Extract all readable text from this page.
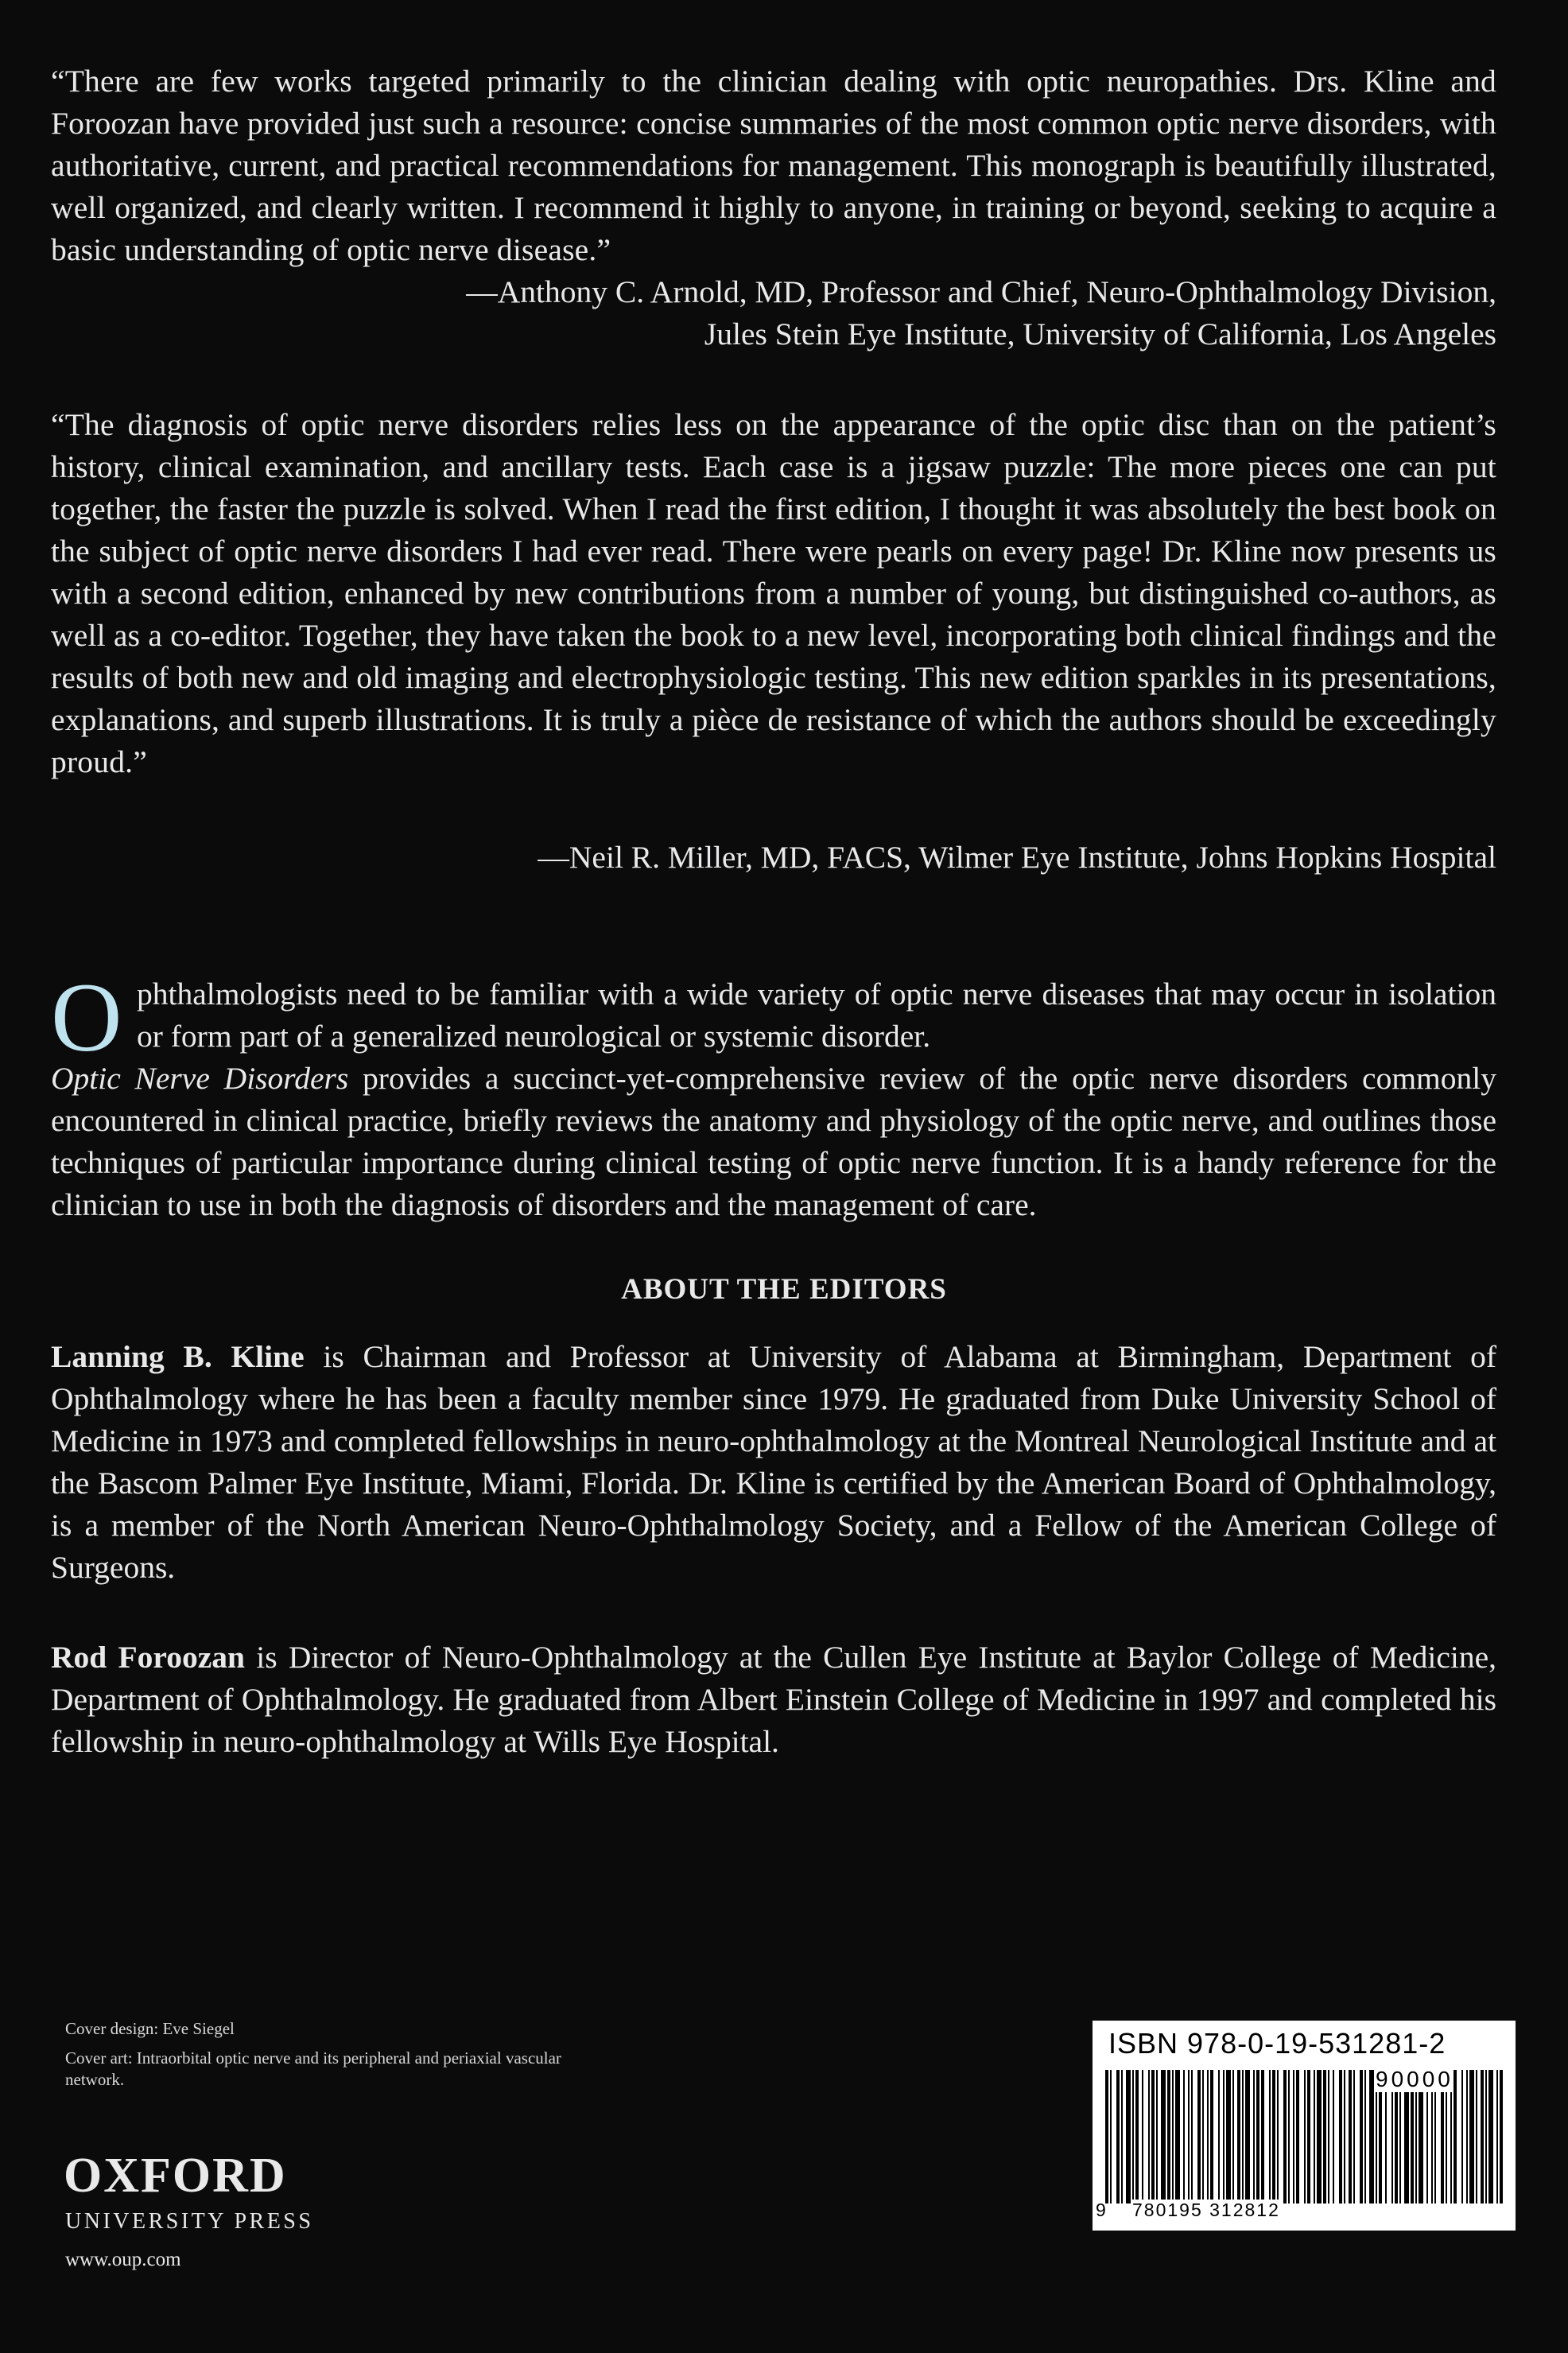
“There are few works targeted primarily to the clinician dealing with optic neuropathies. Drs. Kline and Foroozan have provided just such a resource: concise summaries of the most common optic nerve disorders, with authoritative, current, and practical recommendations for management. This monograph is beautifully illustrated, well organized, and clearly written. I recommend it highly to anyone, in training or beyond, seeking to acquire a basic understanding of optic nerve disease.”

—Anthony C. Arnold, MD, Professor and Chief, Neuro-Ophthalmology Division,

Jules Stein Eye Institute, University of California, Los Angeles

“The diagnosis of optic nerve disorders relies less on the appearance of the optic disc than on the patient’s history, clinical examination, and ancillary tests. Each case is a jigsaw puzzle: The more pieces one can put together, the faster the puzzle is solved. When I read the first edition, I thought it was absolutely the best book on the subject of optic nerve disorders I had ever read. There were pearls on every page! Dr. Kline now presents us with a second edition, enhanced by new contributions from a number of young, but distinguished co-authors, as well as a co-editor. Together, they have taken the book to a new level, incorporating both clinical findings and the results of both new and old imaging and electrophysiologic testing. This new edition sparkles in its presentations, explanations, and superb illustrations. It is truly a pièce de resistance of which the authors should be exceedingly proud.”

—Neil R. Miller, MD, FACS, Wilmer Eye Institute, Johns Hopkins Hospital

O phthalmologists need to be familiar with a wide variety of optic nerve diseases that may occur in isolation or form part of a generalized neurological or systemic disorder.
Optic Nerve Disorders provides a succinct-yet-comprehensive review of the optic nerve disorders commonly encountered in clinical practice, briefly reviews the anatomy and physiology of the optic nerve, and outlines those techniques of particular importance during clinical testing of optic nerve function. It is a handy reference for the clinician to use in both the diagnosis of disorders and the management of care.
ABOUT THE EDITORS

Lanning B. Kline is Chairman and Professor at University of Alabama at Birmingham, Department of Ophthalmology where he has been a faculty member since 1979. He graduated from Duke University School of Medicine in 1973 and completed fellowships in neuro-ophthalmology at the Montreal Neurological Institute and at the Bascom Palmer Eye Institute, Miami, Florida. Dr. Kline is certified by the American Board of Ophthalmology, is a member of the North American Neuro-Ophthalmology Society, and a Fellow of the American College of Surgeons.

Rod Foroozan is Director of Neuro-Ophthalmology at the Cullen Eye Institute at Baylor College of Medicine, Department of Ophthalmology. He graduated from Albert Einstein College of Medicine in 1997 and completed his fellowship in neuro-ophthalmology at Wills Eye Hospital.

Cover design: Eve Siegel

Cover art: Intraorbital optic nerve and its peripheral and periaxial vascular network.

OXFORD
UNIVERSITY PRESS
www.oup.com
ISBN 978-0-19-531281-2
90000
9 780195 312812
